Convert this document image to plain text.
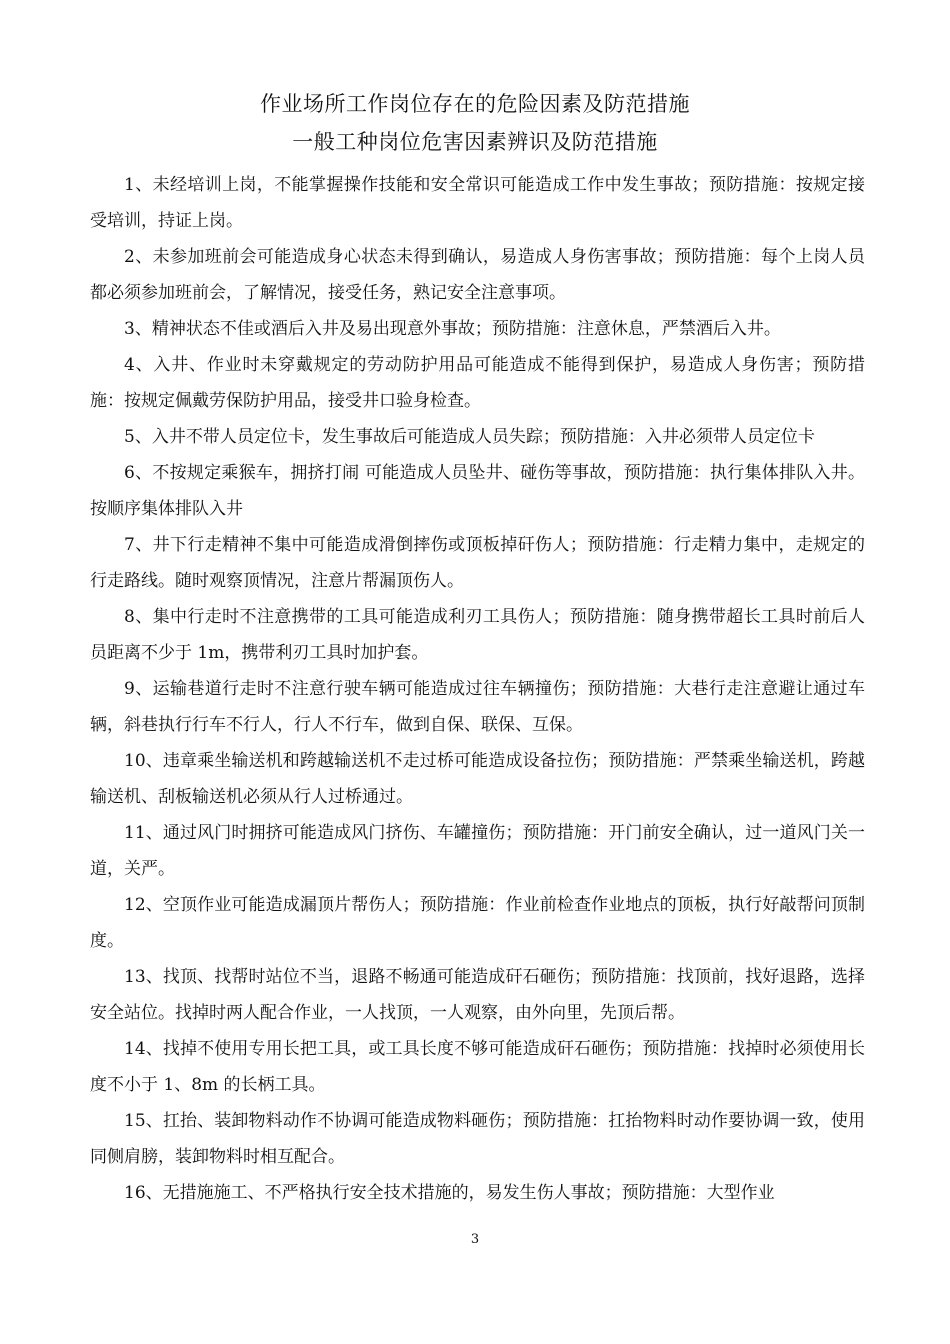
作业场所工作岗位存在的危险因素及防范措施
一般工种岗位危害因素辨识及防范措施

1、未经培训上岗，不能掌握操作技能和安全常识可能造成工作中发生事故；预防措施：按规定接受培训，持证上岗。

2、未参加班前会可能造成身心状态未得到确认，易造成人身伤害事故；预防措施：每个上岗人员都必须参加班前会，了解情况，接受任务，熟记安全注意事项。

3、精神状态不佳或酒后入井及易出现意外事故；预防措施：注意休息，严禁酒后入井。

4、入井、作业时未穿戴规定的劳动防护用品可能造成不能得到保护，易造成人身伤害；预防措施：按规定佩戴劳保防护用品，接受井口验身检查。

5、入井不带人员定位卡，发生事故后可能造成人员失踪；预防措施：入井必须带人员定位卡

6、不按规定乘猴车，拥挤打闹 可能造成人员坠井、碰伤等事故，预防措施：执行集体排队入井。按顺序集体排队入井

7、井下行走精神不集中可能造成滑倒摔伤或顶板掉矸伤人；预防措施：行走精力集中，走规定的行走路线。随时观察顶情况，注意片帮漏顶伤人。

8、集中行走时不注意携带的工具可能造成利刃工具伤人；预防措施：随身携带超长工具时前后人员距离不少于 1m，携带利刃工具时加护套。

9、运输巷道行走时不注意行驶车辆可能造成过往车辆撞伤；预防措施：大巷行走注意避让通过车辆，斜巷执行行车不行人，行人不行车，做到自保、联保、互保。

10、违章乘坐输送机和跨越输送机不走过桥可能造成设备拉伤；预防措施：严禁乘坐输送机，跨越输送机、刮板输送机必须从行人过桥通过。

11、通过风门时拥挤可能造成风门挤伤、车罐撞伤；预防措施：开门前安全确认，过一道风门关一道，关严。

12、空顶作业可能造成漏顶片帮伤人；预防措施：作业前检查作业地点的顶板，执行好敲帮问顶制度。

13、找顶、找帮时站位不当，退路不畅通可能造成矸石砸伤；预防措施：找顶前，找好退路，选择安全站位。找掉时两人配合作业，一人找顶，一人观察，由外向里，先顶后帮。

14、找掉不使用专用长把工具，或工具长度不够可能造成矸石砸伤；预防措施：找掉时必须使用长度不小于 1、8m 的长柄工具。

15、扛抬、装卸物料动作不协调可能造成物料砸伤；预防措施：扛抬物料时动作要协调一致，使用同侧肩膀，装卸物料时相互配合。

16、无措施施工、不严格执行安全技术措施的，易发生伤人事故；预防措施：大型作业

3
